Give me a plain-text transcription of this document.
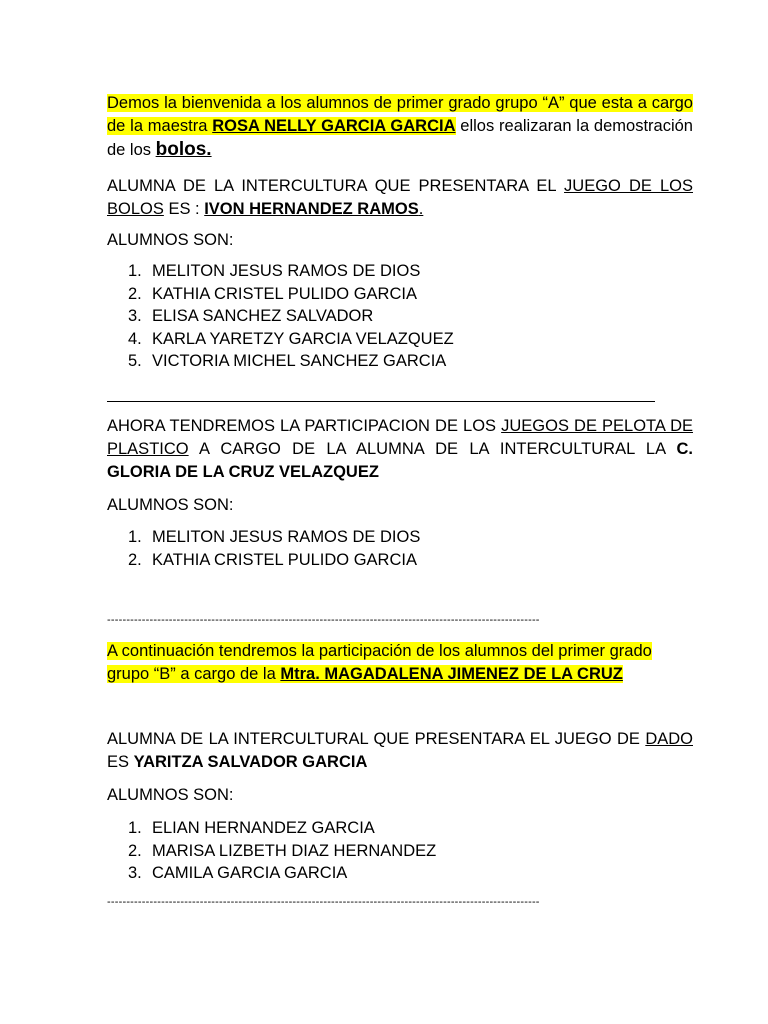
Demos la bienvenida a los alumnos de primer grado grupo “A” que esta a cargo de la maestra ROSA NELLY GARCIA GARCIA ellos realizaran la demostración de los bolos.

ALUMNA DE LA INTERCULTURA QUE PRESENTARA EL JUEGO DE LOS BOLOS ES : IVON HERNANDEZ RAMOS.

ALUMNOS SON:

1. MELITON JESUS RAMOS DE DIOS
2. KATHIA CRISTEL PULIDO GARCIA
3. ELISA SANCHEZ SALVADOR
4. KARLA YARETZY GARCIA VELAZQUEZ
5. VICTORIA MICHEL SANCHEZ GARCIA

AHORA TENDREMOS LA PARTICIPACION DE LOS JUEGOS DE PELOTA DE PLASTICO A CARGO DE LA ALUMNA DE LA INTERCULTURAL LA C. GLORIA DE LA CRUZ VELAZQUEZ

ALUMNOS SON:

1. MELITON JESUS RAMOS DE DIOS
2. KATHIA CRISTEL PULIDO GARCIA
----------------------------------------------------------------------------------------------------------------

A continuación tendremos la participación de los alumnos del primer grado grupo “B” a cargo de la Mtra. MAGADALENA JIMENEZ DE LA CRUZ

ALUMNA DE LA INTERCULTURAL QUE PRESENTARA EL JUEGO DE DADO ES YARITZA SALVADOR GARCIA

ALUMNOS SON:

1. ELIAN HERNANDEZ GARCIA
2. MARISA LIZBETH DIAZ HERNANDEZ
3. CAMILA GARCIA GARCIA
----------------------------------------------------------------------------------------------------------------
